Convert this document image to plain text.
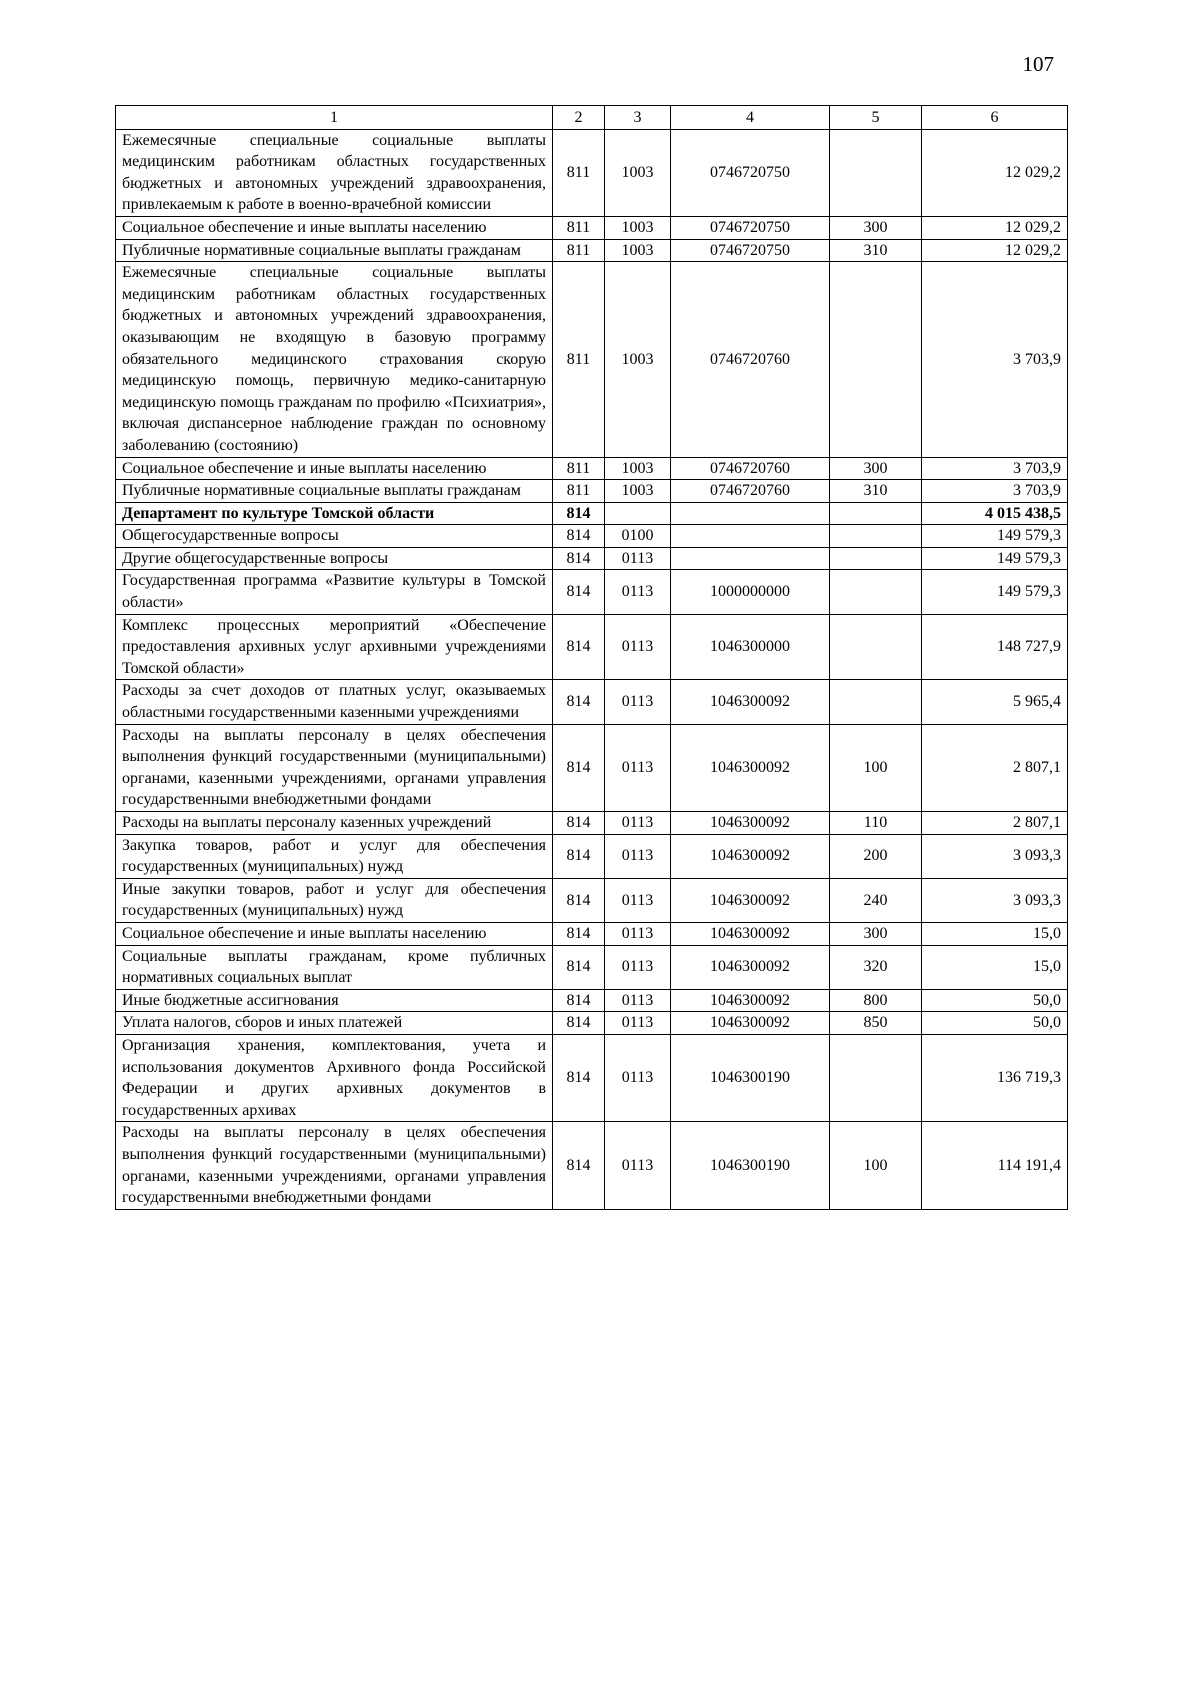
107
1	2	3	4	5	6
Ежемесячные специальные социальные выплаты медицинским работникам областных государственных бюджетных и автономных учреждений здравоохранения, привлекаемым к работе в военно-врачебной комиссии	811	1003	0746720750		12 029,2
Социальное обеспечение и иные выплаты населению	811	1003	0746720750	300	12 029,2
Публичные нормативные социальные выплаты гражданам	811	1003	0746720750	310	12 029,2
Ежемесячные специальные социальные выплаты медицинским работникам областных государственных бюджетных и автономных учреждений здравоохранения, оказывающим не входящую в базовую программу обязательного медицинского страхования скорую медицинскую помощь, первичную медико-санитарную медицинскую помощь гражданам по профилю «Психиатрия», включая диспансерное наблюдение граждан по основному заболеванию (состоянию)	811	1003	0746720760		3 703,9
Социальное обеспечение и иные выплаты населению	811	1003	0746720760	300	3 703,9
Публичные нормативные социальные выплаты гражданам	811	1003	0746720760	310	3 703,9
Департамент по культуре Томской области	814				4 015 438,5
Общегосударственные вопросы	814	0100			149 579,3
Другие общегосударственные вопросы	814	0113			149 579,3
Государственная программа «Развитие культуры в Томской области»	814	0113	1000000000		149 579,3
Комплекс процессных мероприятий «Обеспечение предоставления архивных услуг архивными учреждениями Томской области»	814	0113	1046300000		148 727,9
Расходы за счет доходов от платных услуг, оказываемых областными государственными казенными учреждениями	814	0113	1046300092		5 965,4
Расходы на выплаты персоналу в целях обеспечения выполнения функций государственными (муниципальными) органами, казенными учреждениями, органами управления государственными внебюджетными фондами	814	0113	1046300092	100	2 807,1
Расходы на выплаты персоналу казенных учреждений	814	0113	1046300092	110	2 807,1
Закупка товаров, работ и услуг для обеспечения государственных (муниципальных) нужд	814	0113	1046300092	200	3 093,3
Иные закупки товаров, работ и услуг для обеспечения государственных (муниципальных) нужд	814	0113	1046300092	240	3 093,3
Социальное обеспечение и иные выплаты населению	814	0113	1046300092	300	15,0
Социальные выплаты гражданам, кроме публичных нормативных социальных выплат	814	0113	1046300092	320	15,0
Иные бюджетные ассигнования	814	0113	1046300092	800	50,0
Уплата налогов, сборов и иных платежей	814	0113	1046300092	850	50,0
Организация хранения, комплектования, учета и использования документов Архивного фонда Российской Федерации и других архивных документов в государственных архивах	814	0113	1046300190		136 719,3
Расходы на выплаты персоналу в целях обеспечения выполнения функций государственными (муниципальными) органами, казенными учреждениями, органами управления государственными внебюджетными фондами	814	0113	1046300190	100	114 191,4
